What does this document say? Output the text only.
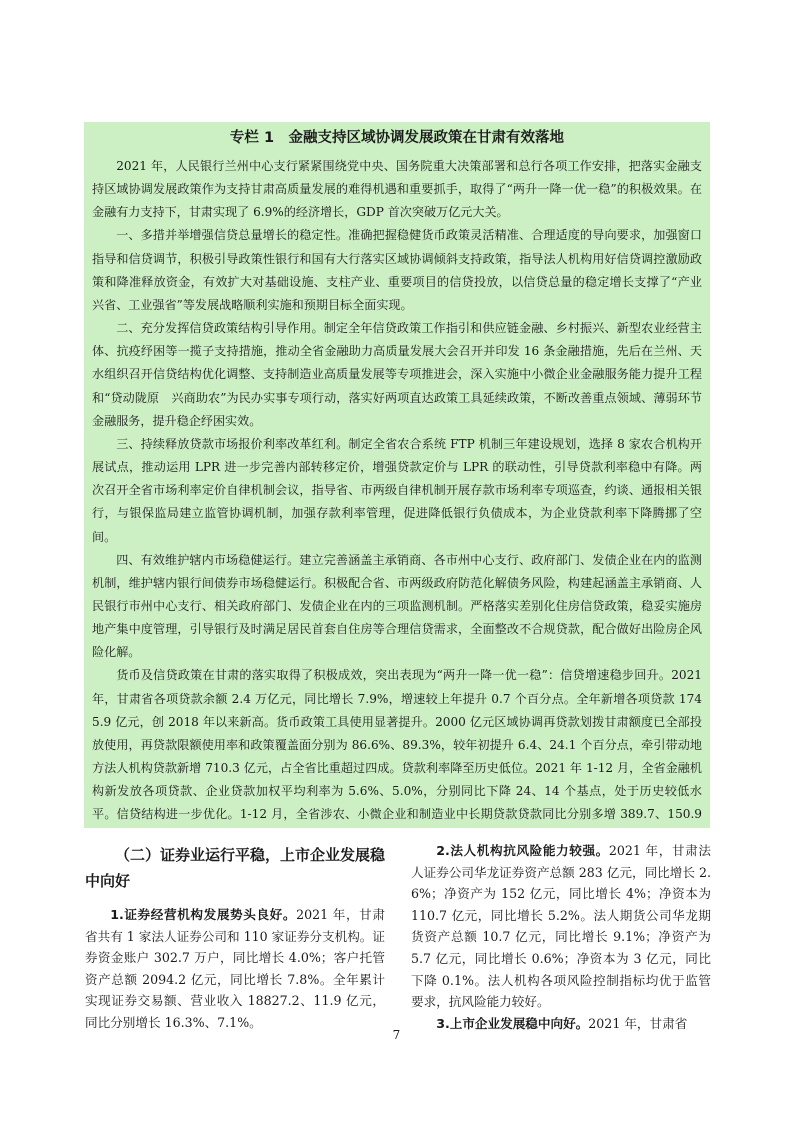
专栏 1　金融支持区域协调发展政策在甘肃有效落地

2021 年，人民银行兰州中心支行紧紧围绕党中央、国务院重大决策部署和总行各项工作安排，把落实金融支持区域协调发展政策作为支持甘肃高质量发展的难得机遇和重要抓手，取得了“两升一降一优一稳”的积极效果。在金融有力支持下，甘肃实现了 6.9%的经济增长，GDP 首次突破万亿元大关。

一、多措并举增强信贷总量增长的稳定性。准确把握稳健货币政策灵活精准、合理适度的导向要求，加强窗口指导和信贷调节，积极引导政策性银行和国有大行落实区域协调倾斜支持政策，指导法人机构用好信贷调控激励政策和降准释放资金，有效扩大对基础设施、支柱产业、重要项目的信贷投放，以信贷总量的稳定增长支撑了“产业兴省、工业强省”等发展战略顺利实施和预期目标全面实现。

二、充分发挥信贷政策结构引导作用。制定全年信贷政策工作指引和供应链金融、乡村振兴、新型农业经营主体、抗疫纾困等一揽子支持措施，推动全省金融助力高质量发展大会召开并印发 16 条金融措施，先后在兰州、天水组织召开信贷结构优化调整、支持制造业高质量发展等专项推进会，深入实施中小微企业金融服务能力提升工程和“贷动陇原　兴商助农”为民办实事专项行动，落实好两项直达政策工具延续政策，不断改善重点领域、薄弱环节金融服务，提升稳企纾困实效。

三、持续释放贷款市场报价利率改革红利。制定全省农合系统 FTP 机制三年建设规划，选择 8 家农合机构开展试点，推动运用 LPR 进一步完善内部转移定价，增强贷款定价与 LPR 的联动性，引导贷款利率稳中有降。两次召开全省市场利率定价自律机制会议，指导省、市两级自律机制开展存款市场利率专项巡查，约谈、通报相关银行，与银保监局建立监管协调机制，加强存款利率管理，促进降低银行负债成本，为企业贷款利率下降腾挪了空间。

四、有效维护辖内市场稳健运行。建立完善涵盖主承销商、各市州中心支行、政府部门、发债企业在内的监测机制，维护辖内银行间债券市场稳健运行。积极配合省、市两级政府防范化解债务风险，构建起涵盖主承销商、人民银行市州中心支行、相关政府部门、发债企业在内的三项监测机制。严格落实差别化住房信贷政策，稳妥实施房地产集中度管理，引导银行及时满足居民首套自住房等合理信贷需求，全面整改不合规贷款，配合做好出险房企风险化解。

货币及信贷政策在甘肃的落实取得了积极成效，突出表现为“两升一降一优一稳”：信贷增速稳步回升。2021 年，甘肃省各项贷款余额 2.4 万亿元，同比增长 7.9%，增速较上年提升 0.7 个百分点。全年新增各项贷款 1745.9 亿元，创 2018 年以来新高。货币政策工具使用显著提升。2000 亿元区域协调再贷款划拨甘肃额度已全部投放使用，再贷款限额使用率和政策覆盖面分别为 86.6%、89.3%，较年初提升 6.4、24.1 个百分点，牵引带动地方法人机构贷款新增 710.3 亿元，占全省比重超过四成。贷款利率降至历史低位。2021 年 1-12 月，全省金融机构新发放各项贷款、企业贷款加权平均利率为 5.6%、5.0%，分别同比下降 24、14 个基点，处于历史较低水平。信贷结构进一步优化。1-12 月，全省涉农、小微企业和制造业中长期贷款贷款同比分别多增 389.7、150.9

（二）证券业运行平稳，上市企业发展稳中向好

1.证券经营机构发展势头良好。2021 年，甘肃省共有 1 家法人证券公司和 110 家证券分支机构。证券资金账户 302.7 万户，同比增长 4.0%；客户托管资产总额 2094.2 亿元，同比增长 7.8%。全年累计实现证券交易额、营业收入 18827.2、11.9 亿元，同比分别增长 16.3%、7.1%。

2.法人机构抗风险能力较强。2021 年，甘肃法人证券公司华龙证券资产总额 283 亿元，同比增长 2.6%；净资产为 152 亿元，同比增长 4%；净资本为 110.7 亿元，同比增长 5.2%。法人期货公司华龙期货资产总额 10.7 亿元，同比增长 9.1%；净资产为 5.7 亿元，同比增长 0.6%；净资本为 3 亿元，同比下降 0.1%。法人机构各项风险控制指标均优于监管要求，抗风险能力较好。

3.上市企业发展稳中向好。2021 年，甘肃省

7
